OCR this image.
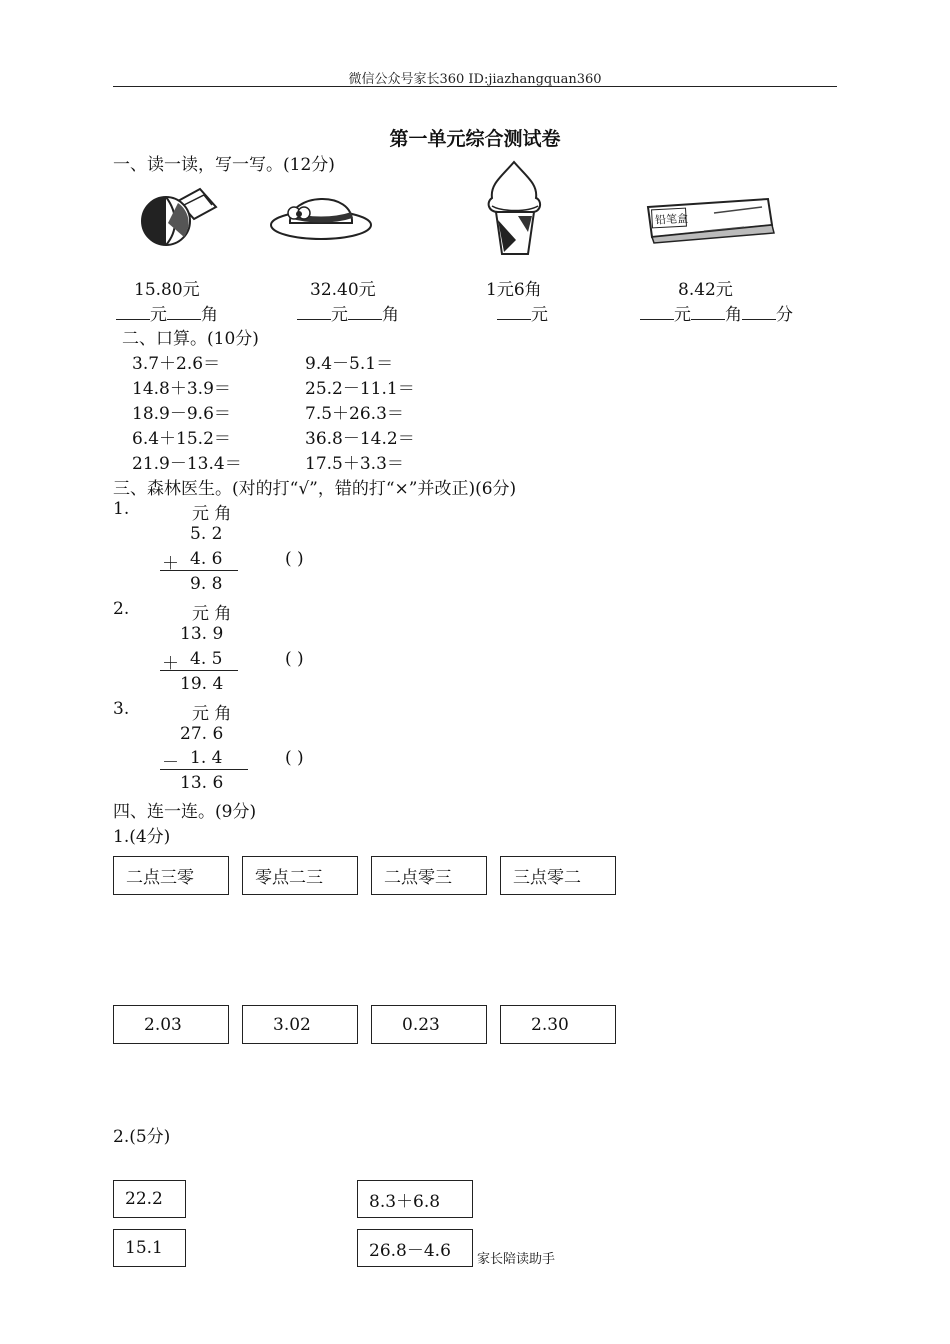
微信公众号家长360 ID:jiazhangquan360
第一单元综合测试卷
一、读一读，写一写。(12分)
铅笔盒
15.80元	32.40元	1元6角	8.42元
元 角	元 角	元	元 角 分
二、口算。(10分)
3.7＋2.6＝
14.8＋3.9＝
18.9－9.6＝
6.4＋15.2＝
21.9－13.4＝
9.4－5.1＝
25.2－11.1＝
7.5＋26.3＝
36.8－14.2＝
17.5＋3.3＝
三、森林医生。(对的打“√”，错的打“×”并改正)(6分)
1.	元 角
5. 2
＋ 4. 6
9. 8
( )
2.	元 角
13. 9
＋ 4. 5
19. 4
( )
3.	元 角
27. 6
－ 1. 4
13. 6
( )
四、连一连。(9分)
1.(4分)
二点三零	零点二三	二点零三	三点零二
2.03	3.02	0.23	2.30
2.(5分)
22.2
15.1
8.3＋6.8
26.8－4.6	家长陪读助手
